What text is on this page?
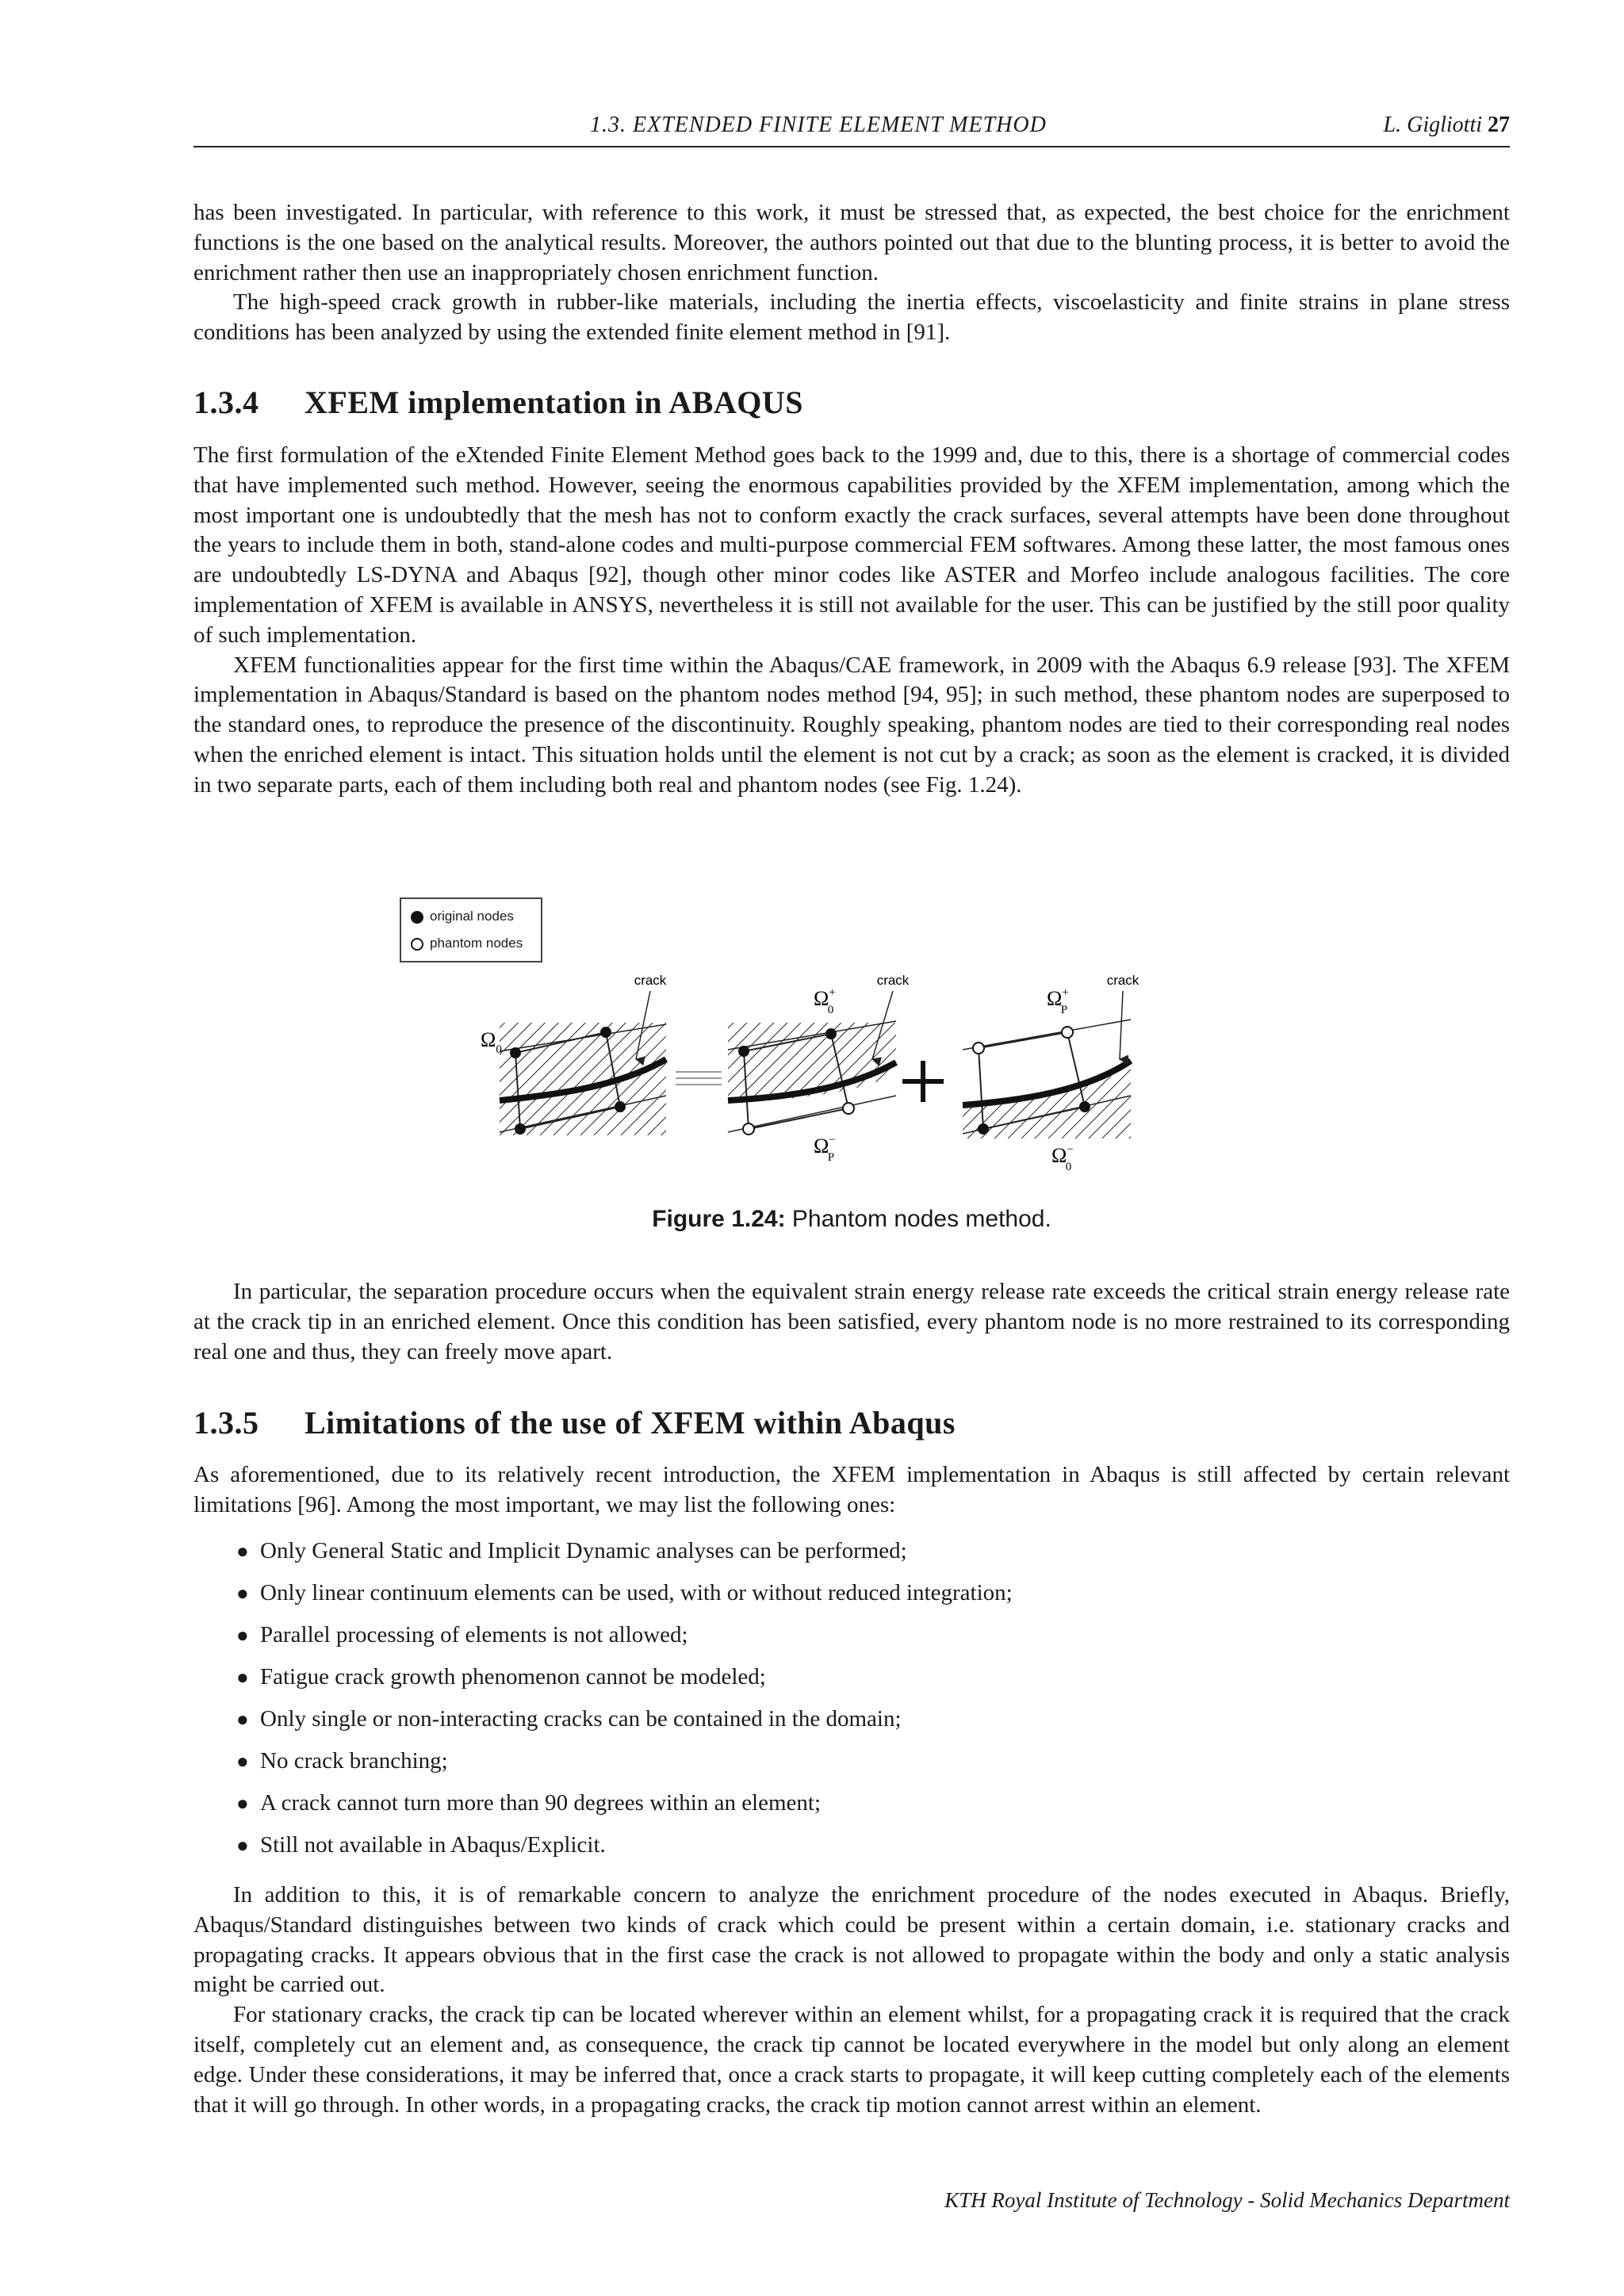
1.3. EXTENDED FINITE ELEMENT METHOD	L. Gigliotti 27

has been investigated. In particular, with reference to this work, it must be stressed that, as expected, the best choice for the enrichment functions is the one based on the analytical results. Moreover, the authors pointed out that due to the blunting process, it is better to avoid the enrichment rather then use an inappropriately chosen enrichment function.

The high-speed crack growth in rubber-like materials, including the inertia effects, viscoelasticity and finite strains in plane stress conditions has been analyzed by using the extended finite element method in [91].

1.3.4 XFEM implementation in ABAQUS

The first formulation of the eXtended Finite Element Method goes back to the 1999 and, due to this, there is a shortage of commercial codes that have implemented such method. However, seeing the enormous capabilities provided by the XFEM implementation, among which the most important one is undoubtedly that the mesh has not to conform exactly the crack surfaces, several attempts have been done throughout the years to include them in both, stand-alone codes and multi-purpose commercial FEM softwares. Among these latter, the most famous ones are undoubtedly LS-DYNA and Abaqus [92], though other minor codes like ASTER and Morfeo include analogous facilities. The core implementation of XFEM is available in ANSYS, nevertheless it is still not available for the user. This can be justified by the still poor quality of such implementation.

XFEM functionalities appear for the first time within the Abaqus/CAE framework, in 2009 with the Abaqus 6.9 release [93]. The XFEM implementation in Abaqus/Standard is based on the phantom nodes method [94, 95]; in such method, these phantom nodes are superposed to the standard ones, to reproduce the presence of the discontinuity. Roughly speaking, phantom nodes are tied to their corresponding real nodes when the enriched element is intact. This situation holds until the element is not cut by a crack; as soon as the element is cracked, it is divided in two separate parts, each of them including both real and phantom nodes (see Fig. 1.24).

original nodes
phantom nodes
crack
$\Omega_0$
crack
Ω+ 0
Ω− P
crack
Ω+ P
Ω− 0
Figure 1.24: Phantom nodes method.

In particular, the separation procedure occurs when the equivalent strain energy release rate exceeds the critical strain energy release rate at the crack tip in an enriched element. Once this condition has been satisfied, every phantom node is no more restrained to its corresponding real one and thus, they can freely move apart.

1.3.5 Limitations of the use of XFEM within Abaqus

As aforementioned, due to its relatively recent introduction, the XFEM implementation in Abaqus is still affected by certain relevant limitations [96]. Among the most important, we may list the following ones:

● Only General Static and Implicit Dynamic analyses can be performed;
● Only linear continuum elements can be used, with or without reduced integration;
● Parallel processing of elements is not allowed;
● Fatigue crack growth phenomenon cannot be modeled;
● Only single or non-interacting cracks can be contained in the domain;
● No crack branching;
● A crack cannot turn more than 90 degrees within an element;
● Still not available in Abaqus/Explicit.

In addition to this, it is of remarkable concern to analyze the enrichment procedure of the nodes executed in Abaqus. Briefly, Abaqus/Standard distinguishes between two kinds of crack which could be present within a certain domain, i.e. stationary cracks and propagating cracks. It appears obvious that in the first case the crack is not allowed to propagate within the body and only a static analysis might be carried out.

For stationary cracks, the crack tip can be located wherever within an element whilst, for a propagating crack it is required that the crack itself, completely cut an element and, as consequence, the crack tip cannot be located everywhere in the model but only along an element edge. Under these considerations, it may be inferred that, once a crack starts to propagate, it will keep cutting completely each of the elements that it will go through. In other words, in a propagating cracks, the crack tip motion cannot arrest within an element.

KTH Royal Institute of Technology - Solid Mechanics Department
